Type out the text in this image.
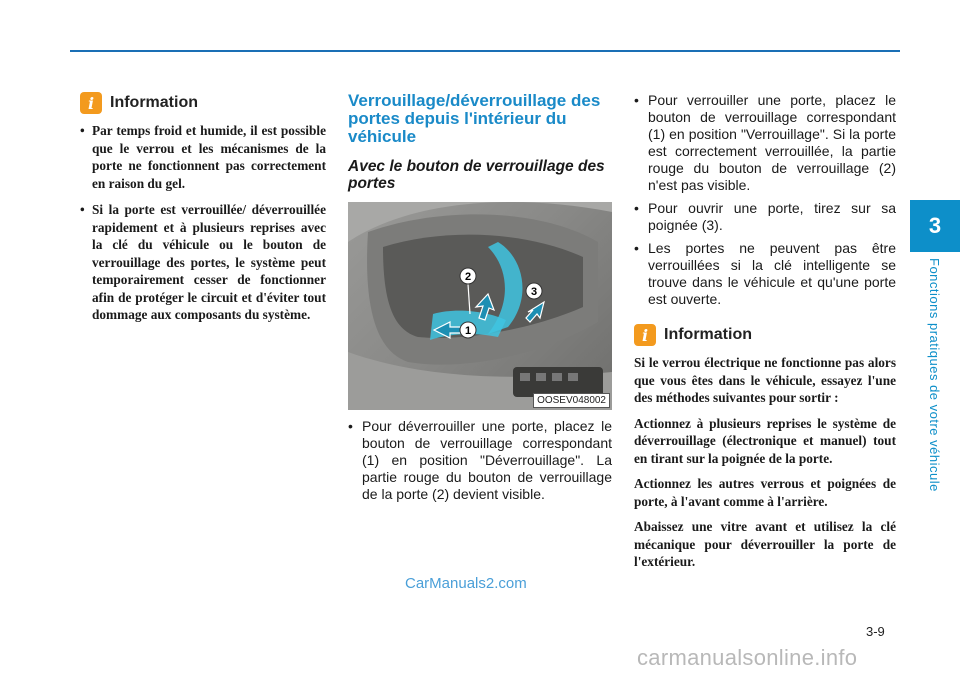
3
Fonctions pratiques de votre véhicule
i Information
• Par temps froid et humide, il est possible que le verrou et les mécanismes de la porte ne fonctionnent pas correctement en raison du gel.
• Si la porte est verrouillée/ déverrouillée rapidement et à plusieurs reprises avec la clé du véhicule ou le bouton de verrouillage des portes, le système peut temporairement cesser de fonctionner afin de protéger le circuit et d'éviter tout dommage aux composants du système.
Verrouillage/déverrouillage des portes depuis l'intérieur du véhicule
Avec le bouton de verrouillage des portes
2
1
3
OOSEV048002
• Pour déverrouiller une porte, placez le bouton de verrouillage correspondant (1) en position "Déverrouillage". La partie rouge du bouton de verrouillage de la porte (2) devient visible.
• Pour verrouiller une porte, placez le bouton de verrouillage correspondant (1) en position "Verrouillage". Si la porte est correctement verrouillée, la partie rouge du bouton de verrouillage (2) n'est pas visible.
• Pour ouvrir une porte, tirez sur sa poignée (3).
• Les portes ne peuvent pas être verrouillées si la clé intelligente se trouve dans le véhicule et qu'une porte est ouverte.
i Information

Si le verrou électrique ne fonctionne pas alors que vous êtes dans le véhicule, essayez l'une des méthodes suivantes pour sortir :

Actionnez à plusieurs reprises le système de déverrouillage (électronique et manuel) tout en tirant sur la poignée de la porte.

Actionnez les autres verrous et poignées de porte, à l'avant comme à l'arrière.

Abaissez une vitre avant et utilisez la clé mécanique pour déverrouiller la porte de l'extérieur.

CarManuals2.com
3-9
carmanualsonline.info
